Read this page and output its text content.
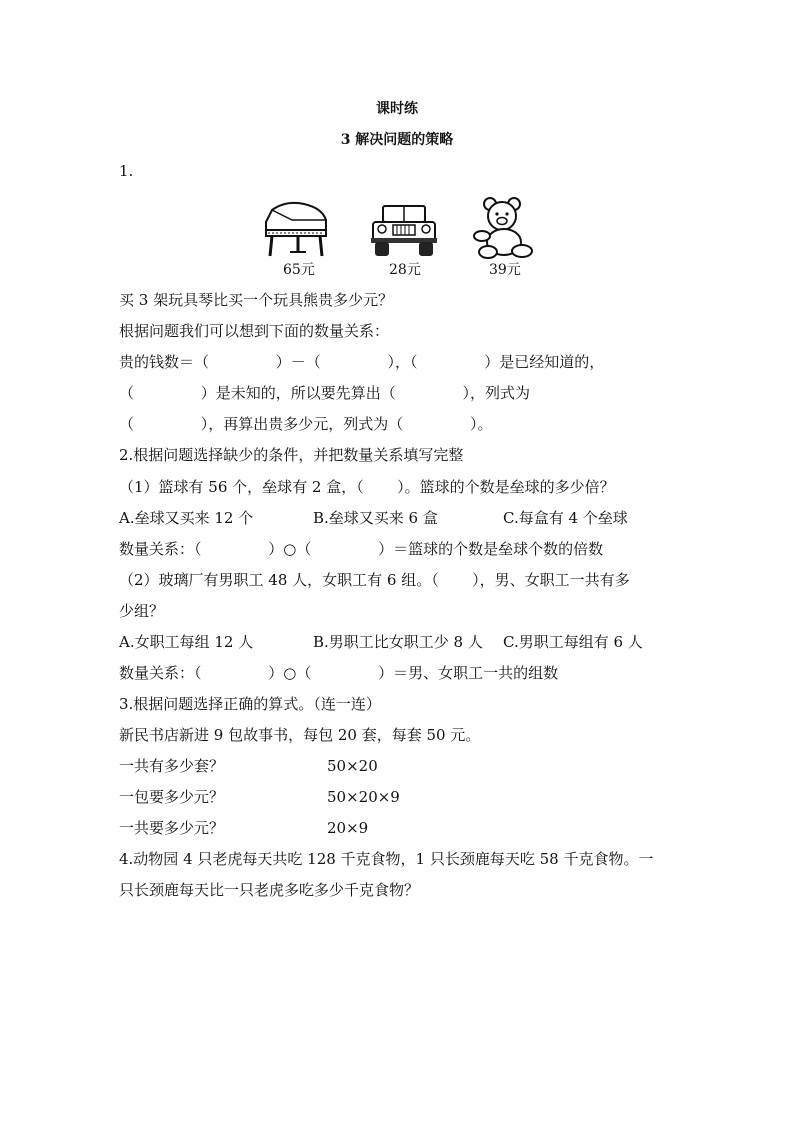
课时练
3 解决问题的策略
1.
65元	28元	39元
买 3 架玩具琴比买一个玩具熊贵多少元？
根据问题我们可以想到下面的数量关系：
贵的钱数＝（              ）－（              ），（              ）是已经知道的，
（              ）是未知的，所以要先算出（              ），列式为
（              ），再算出贵多少元，列式为（              ）。
2.根据问题选择缺少的条件，并把数量关系填写完整
（1）篮球有 56 个，垒球有 2 盒，（       ）。篮球的个数是垒球的多少倍？
A.垒球又买来 12 个	B.垒球又买来 6 盒	C.每盒有 4 个垒球
数量关系：（              ）○（              ）＝篮球的个数是垒球个数的倍数
（2）玻璃厂有男职工 48 人，女职工有 6 组。（       ），男、女职工一共有多
少组？
A.女职工每组 12 人	B.男职工比女职工少 8 人 C.男职工每组有 6 人
数量关系：（              ）○（              ）＝男、女职工一共的组数
3.根据问题选择正确的算式。（连一连）
新民书店新进 9 包故事书，每包 20 套，每套 50 元。
一共有多少套？	50×20
一包要多少元？	50×20×9
一共要多少元？	20×9
4.动物园 4 只老虎每天共吃 128 千克食物，1 只长颈鹿每天吃 58 千克食物。一
只长颈鹿每天比一只老虎多吃多少千克食物？
